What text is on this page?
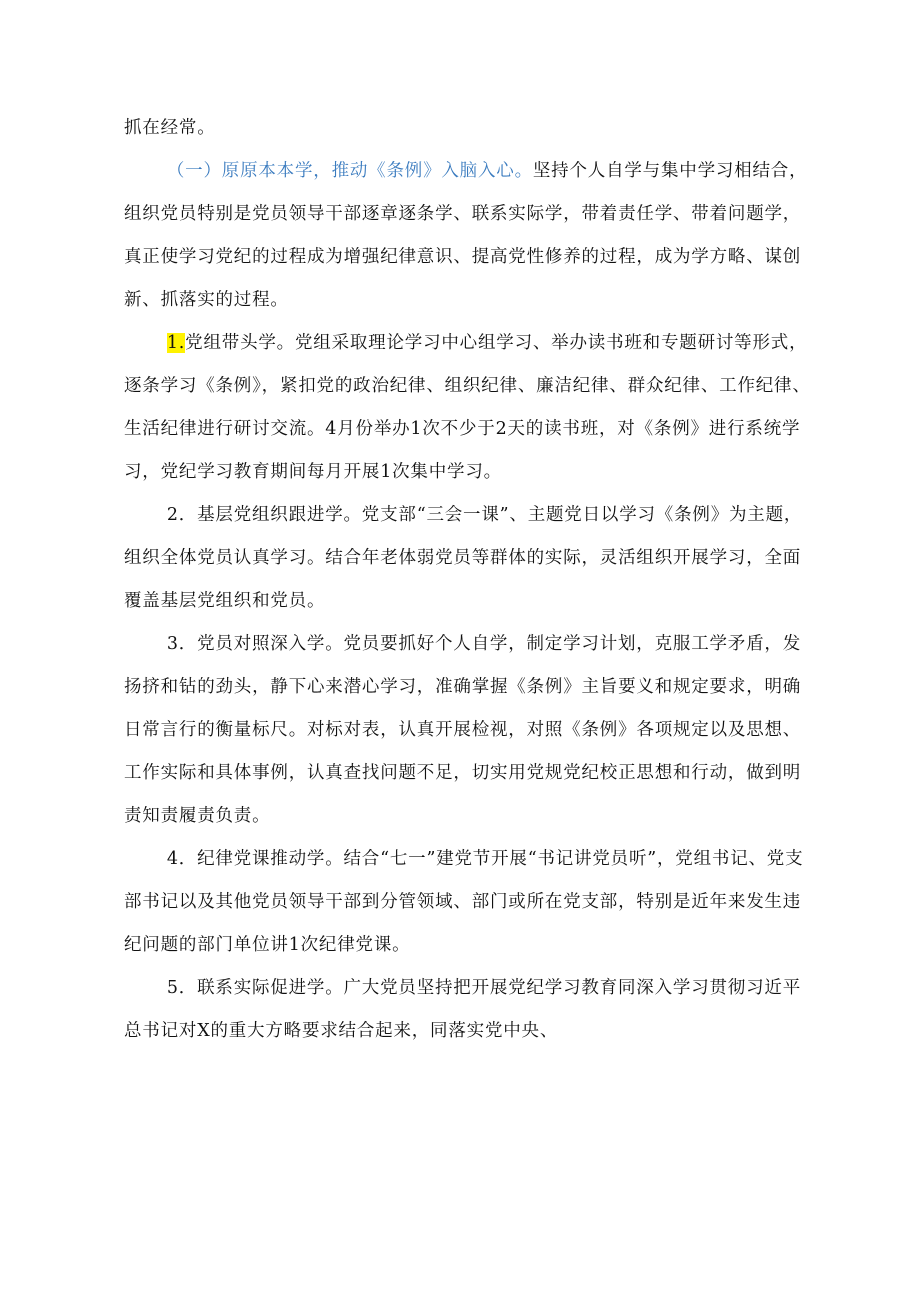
抓在经常。

（一）原原本本学，推动《条例》入脑入心。坚持个人自学与集中学习相结合，组织党员特别是党员领导干部逐章逐条学、联系实际学，带着责任学、带着问题学，真正使学习党纪的过程成为增强纪律意识、提高党性修养的过程，成为学方略、谋创新、抓落实的过程。

1.党组带头学。党组采取理论学习中心组学习、举办读书班和专题研讨等形式，逐条学习《条例》，紧扣党的政治纪律、组织纪律、廉洁纪律、群众纪律、工作纪律、生活纪律进行研讨交流。4月份举办1次不少于2天的读书班，对《条例》进行系统学习，党纪学习教育期间每月开展1次集中学习。

2．基层党组织跟进学。党支部“三会一课”、主题党日以学习《条例》为主题，组织全体党员认真学习。结合年老体弱党员等群体的实际，灵活组织开展学习，全面覆盖基层党组织和党员。

3．党员对照深入学。党员要抓好个人自学，制定学习计划，克服工学矛盾，发扬挤和钻的劲头，静下心来潜心学习，准确掌握《条例》主旨要义和规定要求，明确日常言行的衡量标尺。对标对表，认真开展检视，对照《条例》各项规定以及思想、工作实际和具体事例，认真查找问题不足，切实用党规党纪校正思想和行动，做到明责知责履责负责。

4．纪律党课推动学。结合“七一”建党节开展“书记讲党员听”，党组书记、党支部书记以及其他党员领导干部到分管领域、部门或所在党支部，特别是近年来发生违纪问题的部门单位讲1次纪律党课。

5．联系实际促进学。广大党员坚持把开展党纪学习教育同深入学习贯彻习近平总书记对X的重大方略要求结合起来，同落实党中央、
